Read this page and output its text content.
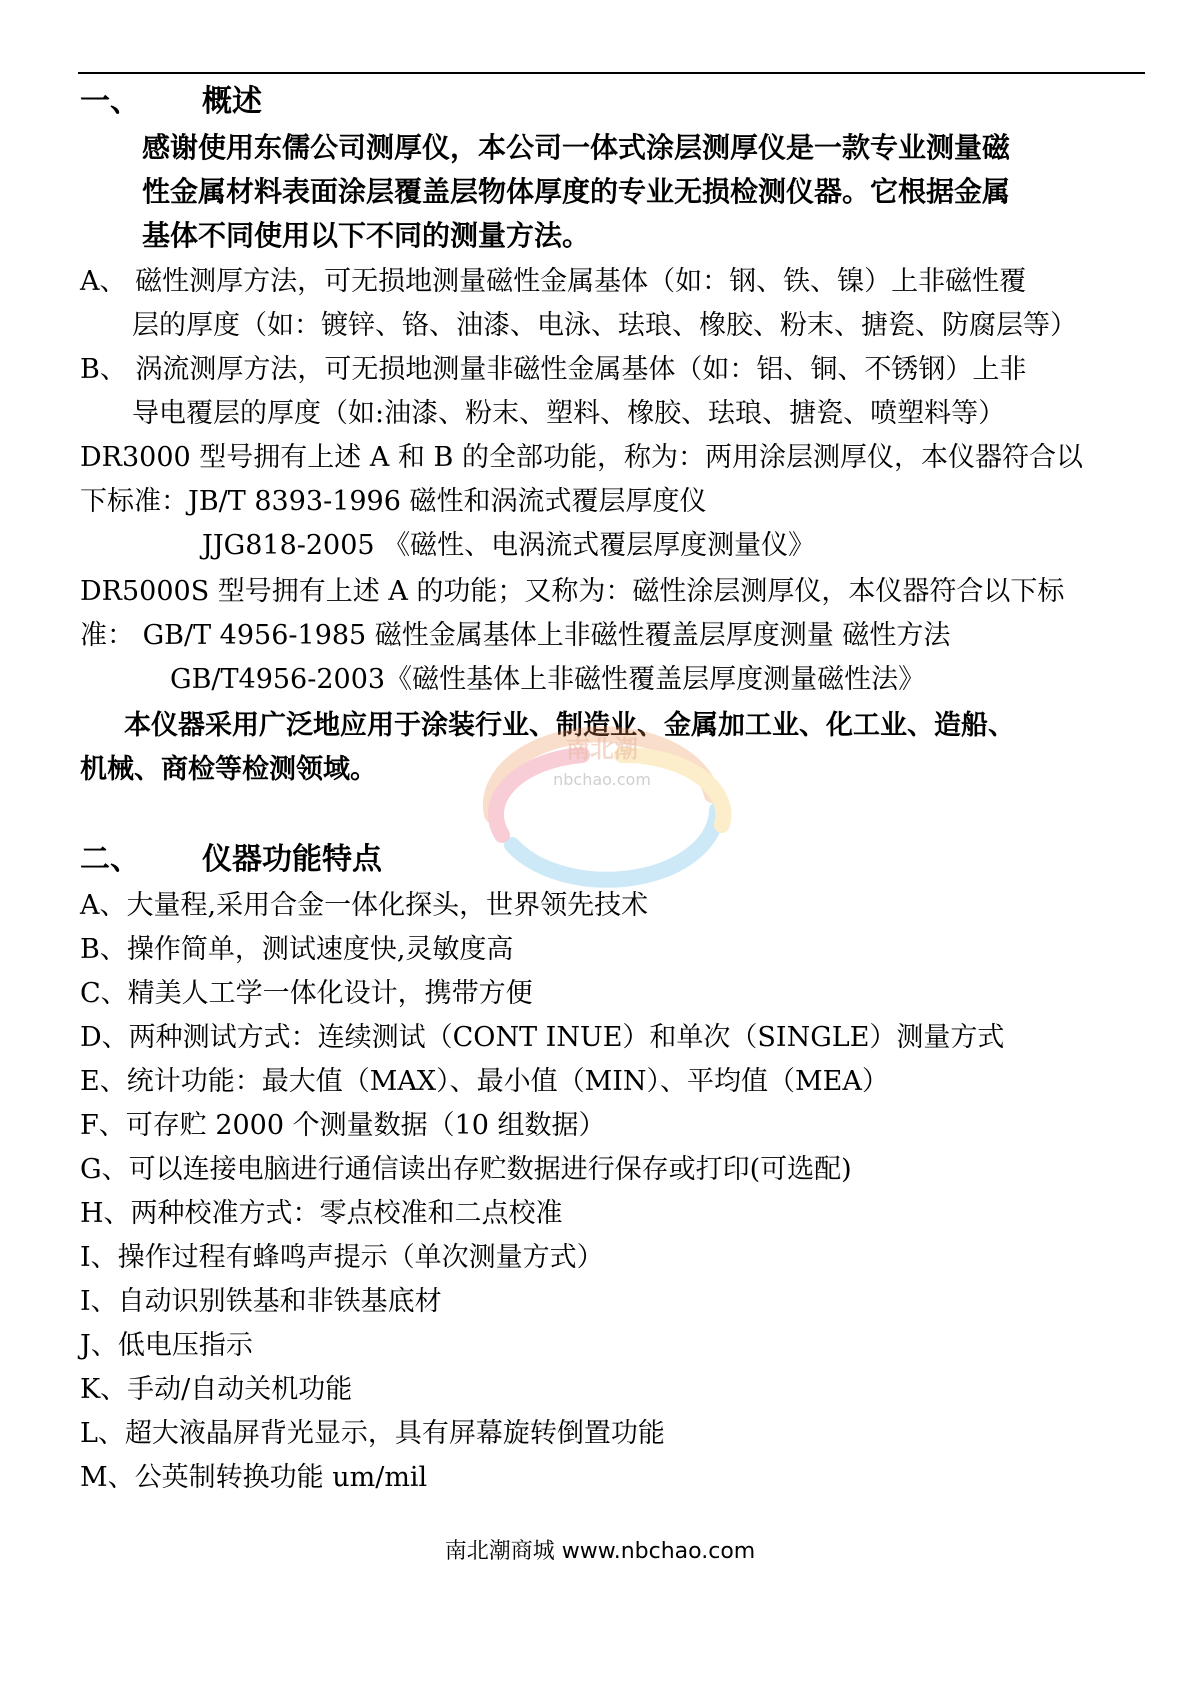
一、 概述
感谢使用东儒公司测厚仪，本公司一体式涂层测厚仪是一款专业测量磁
性金属材料表面涂层覆盖层物体厚度的专业无损检测仪器。它根据金属
基体不同使用以下不同的测量方法。
A、 磁性测厚方法，可无损地测量磁性金属基体（如：钢、铁、镍）上非磁性覆
层的厚度（如：镀锌、铬、油漆、电泳、珐琅、橡胶、粉末、搪瓷、防腐层等）
B、 涡流测厚方法，可无损地测量非磁性金属基体（如：铝、铜、不锈钢）上非
导电覆层的厚度（如:油漆、粉末、塑料、橡胶、珐琅、搪瓷、喷塑料等）
DR3000 型号拥有上述 A 和 B 的全部功能，称为：两用涂层测厚仪，本仪器符合以
下标准：JB/T 8393-1996 磁性和涡流式覆层厚度仪
JJG818-2005 《磁性、电涡流式覆层厚度测量仪》
DR5000S 型号拥有上述 A 的功能；又称为：磁性涂层测厚仪，本仪器符合以下标
准： GB/T 4956-1985 磁性金属基体上非磁性覆盖层厚度测量 磁性方法
GB/T4956-2003《磁性基体上非磁性覆盖层厚度测量磁性法》
本仪器采用广泛地应用于涂装行业、制造业、金属加工业、化工业、造船、
机械、商检等检测领域。
二、 仪器功能特点
A、大量程,采用合金一体化探头，世界领先技术
B、操作简单，测试速度快,灵敏度高
C、精美人工学一体化设计，携带方便
D、两种测试方式：连续测试（CONT INUE）和单次（SINGLE）测量方式
E、统计功能：最大值（MAX）、最小值（MIN）、平均值（MEA）
F、可存贮 2000 个测量数据（10 组数据）
G、可以连接电脑进行通信读出存贮数据进行保存或打印(可选配)
H、两种校准方式：零点校准和二点校准
I、操作过程有蜂鸣声提示（单次测量方式）
I、自动识别铁基和非铁基底材
J、低电压指示
K、手动/自动关机功能
L、超大液晶屏背光显示，具有屏幕旋转倒置功能
M、公英制转换功能 um/mil
南北潮商城 www.nbchao.com
南北潮
nbchao.com
